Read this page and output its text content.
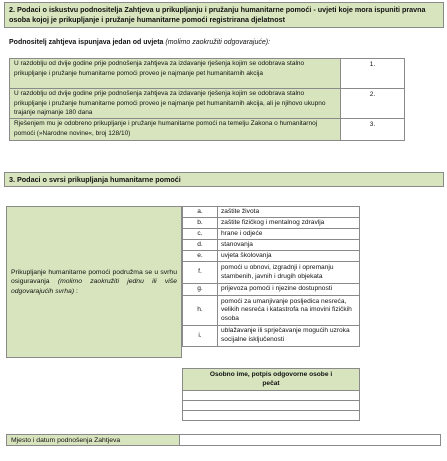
2. Podaci o iskustvu podnositelja Zahtjeva u prikupljanju i pružanju humanitarne pomoći - uvjeti koje mora ispuniti pravna osoba kojoj je prikupljanje i pružanje humanitarne pomoći registrirana djelatnost
Podnositelj zahtjeva ispunjava jedan od uvjeta (molimo zaokružiti odgovarajuće):
U razdoblju od dvije godine prije podnošenja zahtjeva za izdavanje rješenja kojim se odobrava stalno prikupljanje i pružanje humanitarne pomoći proveo je najmanje pet humanitarnih akcija	1.
U razdoblju od dvije godine prije podnošenja zahtjeva za izdavanje rješenja kojim se odobrava stalno prikupljanje i pružanje humanitarne pomoći proveo je najmanje pet humanitarnih akcija, ali je njihovo ukupno trajanje najmanje 180 dana	2.
Rješenjem mu je odobreno prikupljanje i pružanje humanitarne pomoći na temelju Zakona o humanitarnoj pomoći (»Narodne novine«, broj 128/10)	3.
3. Podaci o svrsi prikupljanja humanitarne pomoći
Prikupljanje humanitarne pomoći podružma se u svrhu osiguravanja (molimo zaokružiti jednu ili više odgovarajućih svrha) :
a.	zaštite života
b.	zaštite fizičkog i mentalnog zdravlja
c.	hrane i odjeće
d.	stanovanja
e.	uvjeta školovanja
f.	pomoći u obnovi, izgradnji i opremanju stambenih, javnih i drugih objekata
g.	prijevoza pomoći i njezine dostupnosti
h.	pomoći za umanjivanje posljedica nesreća, velikih nesreća i katastrofa na imovini fizičkih osoba
i.	ublažavanje ili sprječavanje mogućih uzroka socijalne isključenosti
Osobno ime, potpis odgovorne osobe i pečat

Mjesto i datum podnošenja Zahtjeva
